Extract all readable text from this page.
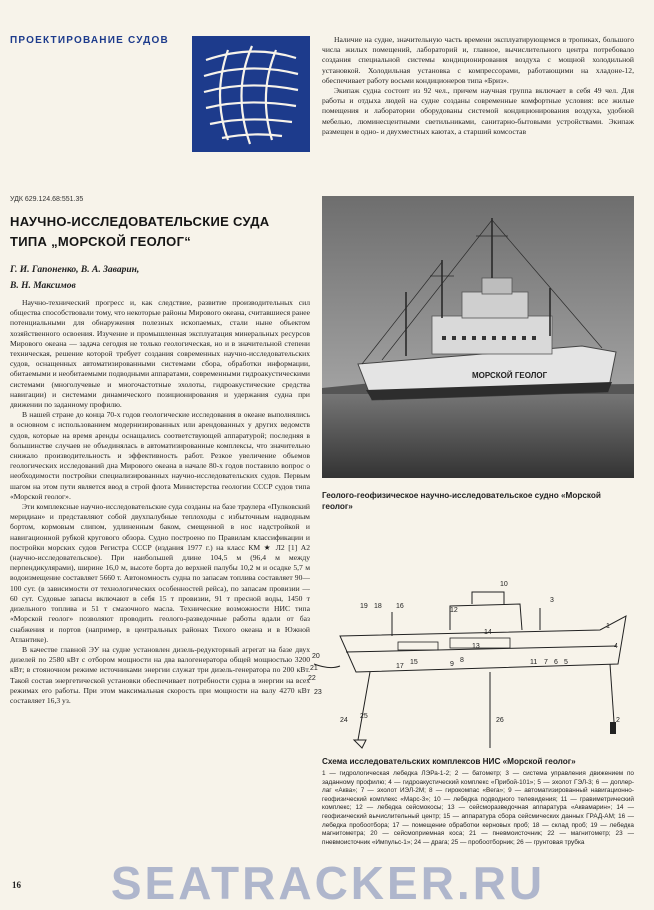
ПРОЕКТИРОВАНИЕ СУДОВ
УДК 629.124.68:551.35
НАУЧНО-ИССЛЕДОВАТЕЛЬСКИЕ СУДА
ТИПА „МОРСКОЙ ГЕОЛОГ“
Г. И. Гапоненко, В. А. Заварин,
В. Н. Максимов

Научно-технический прогресс и, как следствие, развитие производительных сил общества способствовали тому, что некоторые районы Мирового океана, считавшиеся ранее потенциальными для обнаружения полезных ископаемых, стали ныне объектом хозяйственного освоения. Изучение и промышленная эксплуатация минеральных ресурсов Мирового океана — задача сегодня не только геологическая, но и в значительной степени техническая, решение которой требует создания современных научно-исследовательских судов, оснащенных автоматизированными системами сбора, обработки информации, обитаемыми и необитаемыми подводными аппаратами, современными гидроакустическими системами (многолучевые и многочастотные эхолоты, гидроакустические средства навигации) и системами динамического позиционирования и удержания судна при движении по заданному профилю.

В нашей стране до конца 70-х годов геологические исследования в океане выполнялись в основном с использованием модернизированных или арендованных у других ведомств судов, которые на время аренды оснащались соответствующей аппаратурой; последняя в большинстве случаев не объединялась в автоматизированные комплексы, что значительно снижало производительность и эффективность работ. Резкое увеличение объемов геологических исследований дна Мирового океана в начале 80-х годов поставило вопрос о необходимости постройки специализированных научно-исследовательских судов. Первым шагом на этом пути является ввод в строй флота Министерства геологии СССР судов типа «Морской геолог».

Эти комплексные научно-исследовательские суда созданы на базе траулера «Пулковский меридиан» и представляют собой двухпалубные теплоходы с избыточным надводным бортом, кормовым слипом, удлиненным баком, смещенной в нос надстройкой и навигационной рубкой кругового обзора. Судно построено по Правилам классификации и постройки морских судов Регистра СССР (издания 1977 г.) на класс КМ ★ Л2 [1] А2 (научно-исследовательское). При наибольшей длине 104,5 м (96,4 м между перпендикулярами), ширине 16,0 м, высоте борта до верхней палубы 10,2 м и осадке 5,7 м водоизмещение составляет 5660 т. Автономность судна по запасам топлива составляет 90—100 сут. (в зависимости от технологических особенностей рейса), по запасам провизии — 60 сут. Судовые запасы включают в себя 15 т провизии, 91 т пресной воды, 1450 т дизельного топлива и 51 т смазочного масла. Технические возможности НИС типа «Морской геолог» позволяют проводить геолого-разведочные работы вдали от баз снабжения и портов (например, в центральных районах Тихого океана и в Южной Атлантике).

В качестве главной ЭУ на судне установлен дизель-редукторный агрегат на базе двух дизелей по 2580 кВт с отбором мощности на два валогенератора общей мощностью 3200 кВт; в стояночном режиме источниками энергии служат три дизель-генератора по 200 кВт. Такой состав энергетической установки обеспечивает потребности судна в энергии на всех режимах его работы. При этом максимальная скорость при мощности на валу 4270 кВт составляет 16,3 уз.

Наличие на судне, значительную часть времени эксплуатирующемся в тропиках, большого числа жилых помещений, лабораторий и, главное, вычислительного центра потребовало создания специальной системы кондиционирования воздуха с мощной холодильной установкой. Холодильная установка с компрессорами, работающими на хладоне-12, обеспечивает работу восьми кондиционеров типа «Бриз».

Экипаж судна состоит из 92 чел., причем научная группа включает в себя 49 чел. Для работы и отдыха людей на судне созданы современные комфортные условия: все жилые помещения и лаборатории оборудованы системой кондиционирования воздуха, удобной мебелью, люминесцентными светильниками, санитарно-бытовыми устройствами. Экипаж размещен в одно- и двухместных каютах, а старший комсостав

МОРСКОЙ ГЕОЛОГ
Геолого-геофизическое научно-исследовательское судно «Морской геолог»
19 18 16
12
10
3
1
4
14
13
8
9
15
17
20
21
22
23
11 7 6 5
2
24
25
26
Схема исследовательских комплексов НИС «Морской геолог»
1 — гидрологическая лебедка ЛЭРа-1-2; 2 — батометр; 3 — система управления движением по заданному профилю; 4 — гидроакустический комплекс «Прибой-101»; 5 — эхолот ГЭЛ-3; 6 — доплер-лаг «Аква»; 7 — эхолот ИЭЛ-2М; 8 — гирокомпас «Вега»; 9 — автоматизированный навигационно-геофизический комплекс «Марс-3»; 10 — лебедка подводного телевидения; 11 — гравиметрический комплекс; 12 — лебедка сейсмокосы; 13 — сейсморазведочная аппаратура «Аквамарин»; 14 — геофизический вычислительный центр; 15 — аппаратура сбора сейсмических данных ГРАД-АМ; 16 — лебедка пробоотбора; 17 — помещение обработки керновых проб; 18 — склад проб; 19 — лебедка магнитометра; 20 — сейсмоприемная коса; 21 — пневмоисточник; 22 — магнитометр; 23 — пневмоисточник «Импульс-1»; 24 — драга; 25 — пробоотборник; 26 — грунтовая трубка
16	SEATRACKER.RU
